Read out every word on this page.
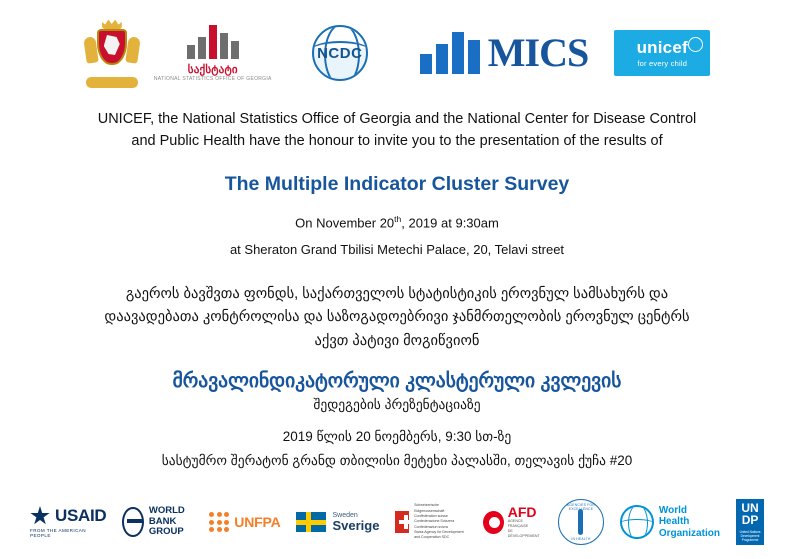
საქსტატი
NATIONAL STATISTICS OFFICE OF GEORGIA
NCDC	MICS	unicef
for every child
UNICEF, the National Statistics Office of Georgia and the National Center for Disease Control
and Public Health have the honour to invite you to the presentation of the results of
The Multiple Indicator Cluster Survey
On November 20th, 2019 at 9:30am
at Sheraton Grand Tbilisi Metechi Palace, 20, Telavi street
გაეროს ბავშვთა ფონდს, საქართველოს სტატისტიკის ეროვნულ სამსახურს და
დაავადებათა კონტროლისა და საზოგადოებრივი ჯანმრთელობის ეროვნულ ცენტრს
აქვთ პატივი მოგიწვიონ
მრავალინდიკატორული კლასტერული კვლევის
შედეგების პრეზენტაციაზე
2019 წლის 20 ნოემბერს, 9:30 სთ-ზე
სასტუმრო შერატონ გრანდ თბილისი მეტეხი პალასში, თელავის ქუჩა #20
USAID
FROM THE AMERICAN PEOPLE
WORLD BANK
GROUP
UNFPA	Sweden
Sverige
Schweizerische Eidgenossenschaft
Confédération suisse
Confederazione Svizzera
Confederaziun svizra
Swiss Agency for Development and Cooperation SDC
AFD
AGENCE FRANÇAISE
DE DÉVELOPPEMENT
AGENCIES FOR EXCELLENCE
IN HEALTH
World Health
Organization
UN
DP
United Nations Development Programme
